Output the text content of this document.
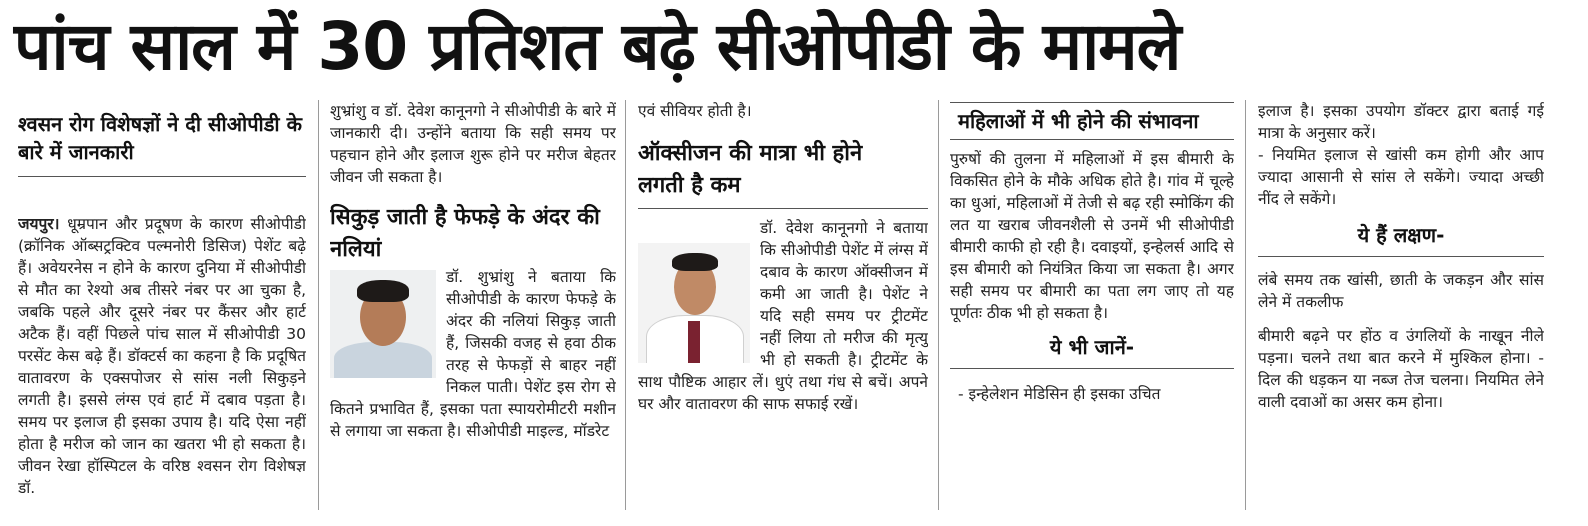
पांच साल में 30 प्रतिशत बढ़े सीओपीडी के मामले
श्वसन रोग विशेषज्ञों ने दी सीओपीडी के बारे में जानकारी

जयपुर। धूम्रपान और प्रदूषण के कारण सीओपीडी (क्रॉनिक ऑब्सट्रक्टिव पल्मनोरी डिसिज) पेशेंट बढ़े हैं। अवेयरनेस न होने के कारण दुनिया में सीओपीडी से मौत का रेश्यो अब तीसरे नंबर पर आ चुका है, जबकि पहले और दूसरे नंबर पर कैंसर और हार्ट अटैक हैं। वहीं पिछले पांच साल में सीओपीडी 30 परसेंट केस बढ़े हैं। डॉक्टर्स का कहना है कि प्रदूषित वातावरण के एक्सपोजर से सांस नली सिकुड़ने लगती है। इससे लंग्स एवं हार्ट में दबाव पड़ता है। समय पर इलाज ही इसका उपाय है। यदि ऐसा नहीं होता है मरीज को जान का खतरा भी हो सकता है। जीवन रेखा हॉस्पिटल के वरिष्ठ श्वसन रोग विशेषज्ञ डॉ.

शुभ्रांशु व डॉ. देवेश कानूनगो ने सीओपीडी के बारे में जानकारी दी। उन्होंने बताया कि सही समय पर पहचान होने और इलाज शुरू होने पर मरीज बेहतर जीवन जी सकता है।

सिकुड़ जाती है फेफड़े के अंदर की नलियां

डॉ. शुभ्रांशु ने बताया कि सीओपीडी के कारण फेफड़े के अंदर की नलियां सिकुड़ जाती हैं, जिसकी वजह से हवा ठीक तरह से फेफड़ों से बाहर नहीं निकल पाती। पेशेंट इस रोग से कितने प्रभावित हैं, इसका पता स्पायरोमीटरी मशीन से लगाया जा सकता है। सीओपीडी माइल्ड, मॉडरेट

एवं सीवियर होती है।

ऑक्सीजन की मात्रा भी होने लगती है कम

डॉ. देवेश कानूनगो ने बताया कि सीओपीडी पेशेंट में लंग्स में दबाव के कारण ऑक्सीजन में कमी आ जाती है। पेशेंट ने यदि सही समय पर ट्रीटमेंट नहीं लिया तो मरीज की मृत्यु भी हो सकती है। ट्रीटमेंट के साथ पौष्टिक आहार लें। धुएं तथा गंध से बचें। अपने घर और वातावरण की साफ सफाई रखें।

महिलाओं में भी होने की संभावना

पुरुषों की तुलना में महिलाओं में इस बीमारी के विकसित होने के मौके अधिक होते है। गांव में चूल्हे का धुआं, महिलाओं में तेजी से बढ़ रही स्मोकिंग की लत या खराब जीवनशैली से उनमें भी सीओपीडी बीमारी काफी हो रही है। दवाइयों, इन्हेलर्स आदि से इस बीमारी को नियंत्रित किया जा सकता है। अगर सही समय पर बीमारी का पता लग जाए तो यह पूर्णतः ठीक भी हो सकता है।

ये भी जानें-

- इन्हेलेशन मेडिसिन ही इसका उचित

इलाज है। इसका उपयोग डॉक्टर द्वारा बताई गई मात्रा के अनुसार करें।

- नियमित इलाज से खांसी कम होगी और आप ज्यादा आसानी से सांस ले सकेंगे। ज्यादा अच्छी नींद ले सकेंगे।

ये हैं लक्षण-

लंबे समय तक खांसी, छाती के जकड़न और सांस लेने में तकलीफ

बीमारी बढ़ने पर होंठ व उंगलियों के नाखून नीले पड़ना। चलने तथा बात करने में मुश्किल होना। - दिल की धड़कन या नब्ज तेज चलना। नियमित लेने वाली दवाओं का असर कम होना।
